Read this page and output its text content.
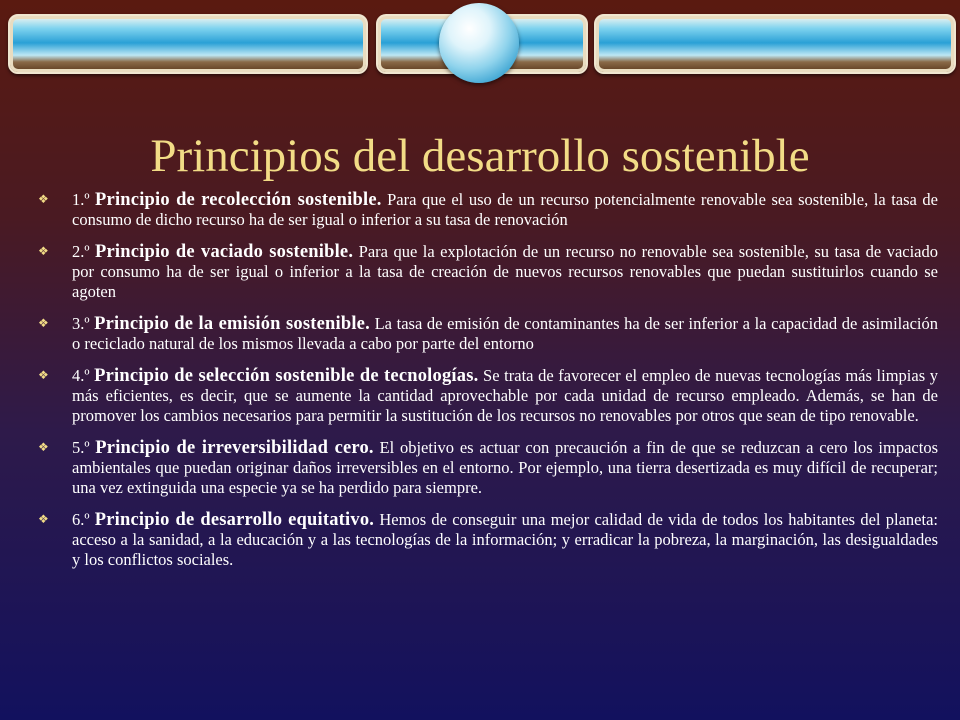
Principios del desarrollo sostenible
❖ 1.º Principio de recolección sostenible. Para que el uso de un recurso potencialmente renovable sea sostenible, la tasa de consumo de dicho recurso ha de ser igual o inferior a su tasa de renovación
❖ 2.º Principio de vaciado sostenible. Para que la explotación de un recurso no renovable sea sostenible, su tasa de vaciado por consumo ha de ser igual o inferior a la tasa de creación de nuevos recursos renovables que puedan sustituirlos cuando se agoten
❖ 3.º Principio de la emisión sostenible. La tasa de emisión de contaminantes ha de ser inferior a la capacidad de asimilación o reciclado natural de los mismos llevada a cabo por parte del entorno
❖ 4.º Principio de selección sostenible de tecnologías. Se trata de favorecer el empleo de nuevas tecnologías más limpias y más eficientes, es decir, que se aumente la cantidad aprovechable por cada unidad de recurso empleado. Además, se han de promover los cambios necesarios para permitir la sustitución de los recursos no renovables por otros que sean de tipo renovable.
❖ 5.º Principio de irreversibilidad cero. El objetivo es actuar con precaución a fin de que se reduzcan a cero los impactos ambientales que puedan originar daños irreversibles en el entorno. Por ejemplo, una tierra desertizada es muy difícil de recuperar; una vez extinguida una especie ya se ha perdido para siempre.
❖ 6.º Principio de desarrollo equitativo. Hemos de conseguir una mejor calidad de vida de todos los habitantes del planeta: acceso a la sanidad, a la educación y a las tecnologías de la información; y erradicar la pobreza, la marginación, las desigualdades y los conflictos sociales.
